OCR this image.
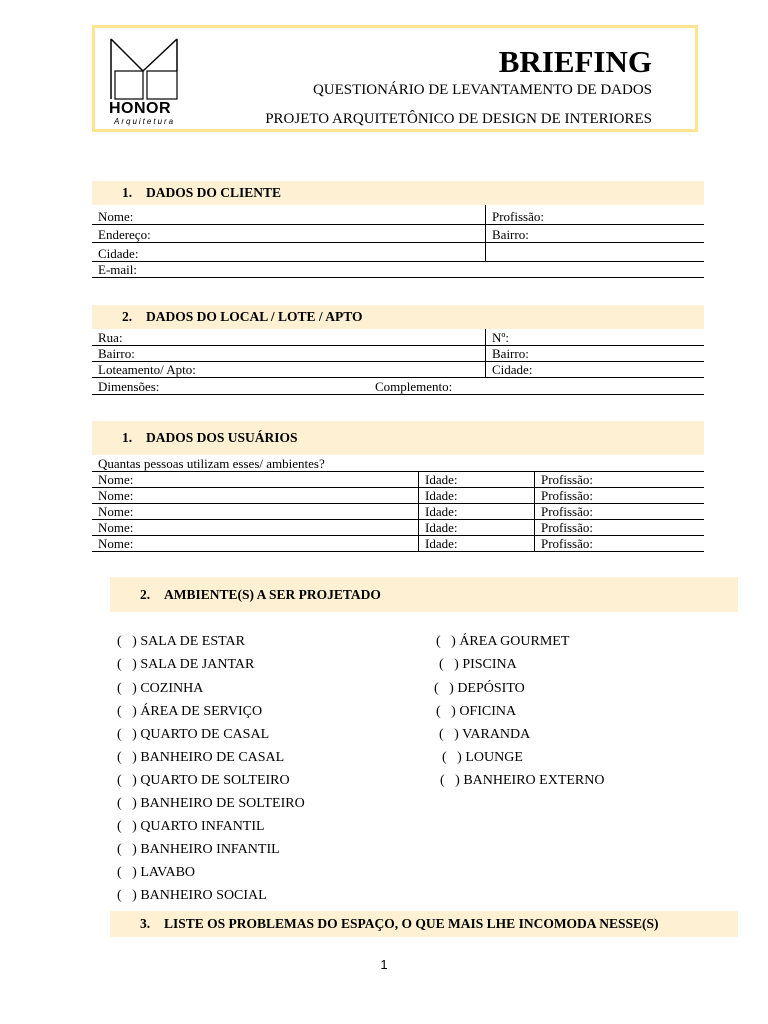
HONOR
Arquitetura
BRIEFING
QUESTIONÁRIO DE LEVANTAMENTO DE DADOS
PROJETO ARQUITETÔNICO DE DESIGN DE INTERIORES
1.	DADOS DO CLIENTE
Nome:	Profissão:
Endereço:	Bairro:
Cidade:
E-mail:
2.	DADOS DO LOCAL / LOTE / APTO
Rua:	Nº:
Bairro:	Bairro:
Loteamento/ Apto:	Cidade:
Dimensões:	Complemento:
1.	DADOS DOS USUÁRIOS
Quantas pessoas utilizam esses/ ambientes?
Nome:	Idade:	Profissão:
Nome:	Idade:	Profissão:
Nome:	Idade:	Profissão:
Nome:	Idade:	Profissão:
Nome:	Idade:	Profissão:
2.	AMBIENTE(S) A SER PROJETADO
(   ) SALA DE ESTAR
(   ) SALA DE JANTAR
(   ) COZINHA
(   ) ÁREA DE SERVIÇO
(   ) QUARTO DE CASAL
(   ) BANHEIRO DE CASAL
(   ) QUARTO DE SOLTEIRO
(   ) BANHEIRO DE SOLTEIRO
(   ) QUARTO INFANTIL
(   ) BANHEIRO INFANTIL
(   ) LAVABO
(   ) BANHEIRO SOCIAL
(   ) ÁREA GOURMET
(   ) PISCINA
(   ) DEPÓSITO
(   ) OFICINA
(   ) VARANDA
(   ) LOUNGE
(   ) BANHEIRO EXTERNO
3.	LISTE OS PROBLEMAS DO ESPAÇO, O QUE MAIS LHE INCOMODA NESSE(S)
1
